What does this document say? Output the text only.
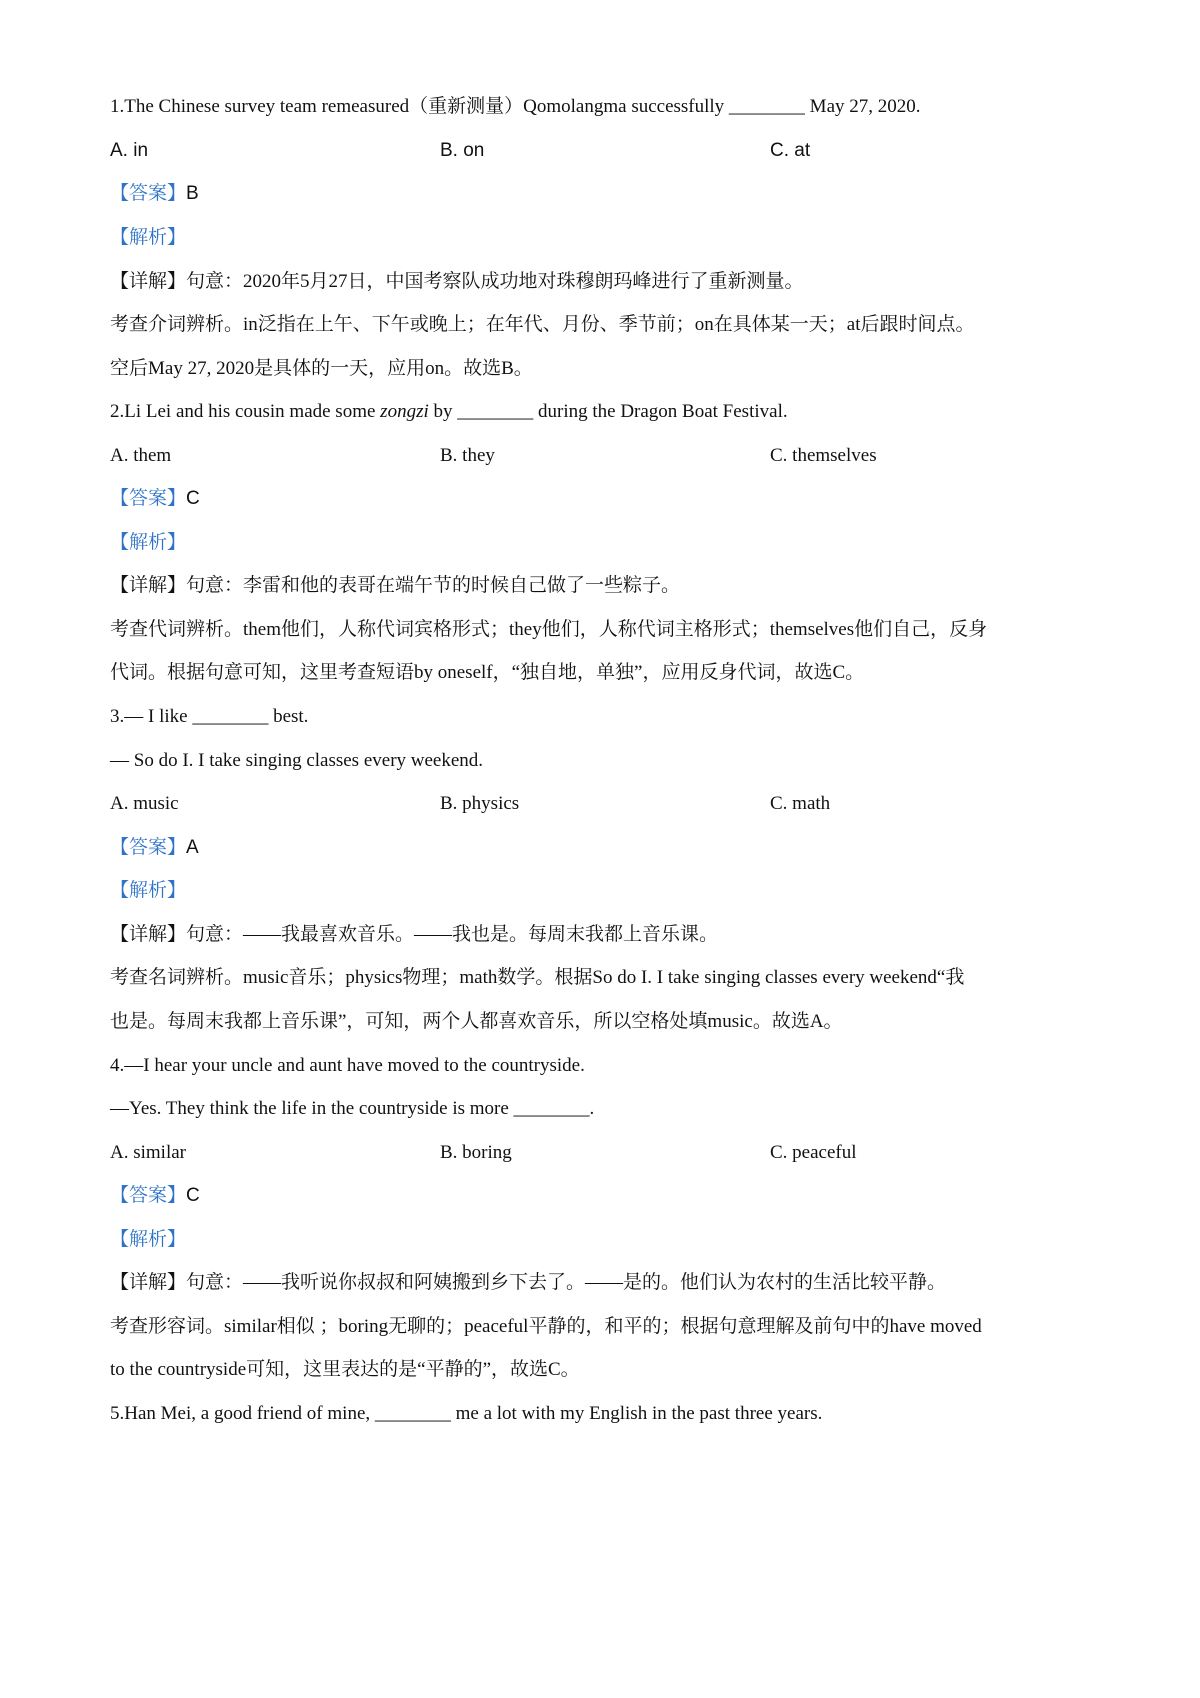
1.The Chinese survey team remeasured（重新测量）Qomolangma successfully ________ May 27, 2020.

A. in	B. on	C. at

【答案】B

【解析】

【详解】句意：2020年5月27日，中国考察队成功地对珠穆朗玛峰进行了重新测量。

考查介词辨析。in泛指在上午、下午或晚上；在年代、月份、季节前；on在具体某一天；at后跟时间点。

空后May 27, 2020是具体的一天，应用on。故选B。

2.Li Lei and his cousin made some zongzi by ________ during the Dragon Boat Festival.

A. them	B. they	C. themselves

【答案】C

【解析】

【详解】句意：李雷和他的表哥在端午节的时候自己做了一些粽子。

考查代词辨析。them他们，人称代词宾格形式；they他们，人称代词主格形式；themselves他们自己，反身

代词。根据句意可知，这里考查短语by oneself，“独自地，单独”，应用反身代词，故选C。

3.— I like ________ best.

— So do I. I take singing classes every weekend.

A. music	B. physics	C. math

【答案】A

【解析】

【详解】句意：——我最喜欢音乐。——我也是。每周末我都上音乐课。

考查名词辨析。music音乐；physics物理；math数学。根据So do I. I take singing classes every weekend“我

也是。每周末我都上音乐课”，可知，两个人都喜欢音乐，所以空格处填music。故选A。

4.—I hear your uncle and aunt have moved to the countryside.

—Yes. They think the life in the countryside is more ________.

A. similar	B. boring	C. peaceful

【答案】C

【解析】

【详解】句意：——我听说你叔叔和阿姨搬到乡下去了。——是的。他们认为农村的生活比较平静。

考查形容词。similar相似 ；boring无聊的；peaceful平静的，和平的；根据句意理解及前句中的have moved

to the countryside可知，这里表达的是“平静的”，故选C。

5.Han Mei, a good friend of mine, ________ me a lot with my English in the past three years.
